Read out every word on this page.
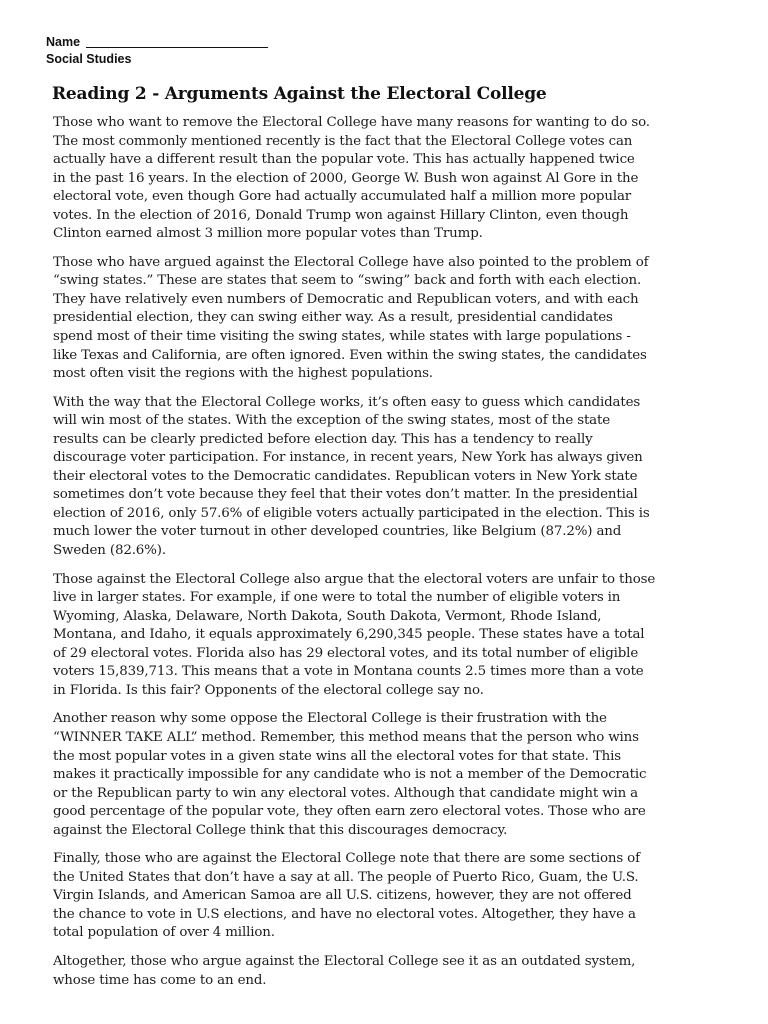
Name
Social Studies
Reading 2 - Arguments Against the Electoral College
Those who want to remove the Electoral College have many reasons for wanting to do so.
The most commonly mentioned recently is the fact that the Electoral College votes can
actually have a different result than the popular vote. This has actually happened twice
in the past 16 years. In the election of 2000, George W. Bush won against Al Gore in the
electoral vote, even though Gore had actually accumulated half a million more popular
votes. In the election of 2016, Donald Trump won against Hillary Clinton, even though
Clinton earned almost 3 million more popular votes than Trump.
Those who have argued against the Electoral College have also pointed to the problem of
“swing states.” These are states that seem to “swing” back and forth with each election.
They have relatively even numbers of Democratic and Republican voters, and with each
presidential election, they can swing either way. As a result, presidential candidates
spend most of their time visiting the swing states, while states with large populations -
like Texas and California, are often ignored. Even within the swing states, the candidates
most often visit the regions with the highest populations.
With the way that the Electoral College works, it’s often easy to guess which candidates
will win most of the states. With the exception of the swing states, most of the state
results can be clearly predicted before election day. This has a tendency to really
discourage voter participation. For instance, in recent years, New York has always given
their electoral votes to the Democratic candidates. Republican voters in New York state
sometimes don’t vote because they feel that their votes don’t matter. In the presidential
election of 2016, only 57.6% of eligible voters actually participated in the election. This is
much lower the voter turnout in other developed countries, like Belgium (87.2%) and
Sweden (82.6%).
Those against the Electoral College also argue that the electoral voters are unfair to those
live in larger states. For example, if one were to total the number of eligible voters in
Wyoming, Alaska, Delaware, North Dakota, South Dakota, Vermont, Rhode Island,
Montana, and Idaho, it equals approximately 6,290,345 people. These states have a total
of 29 electoral votes. Florida also has 29 electoral votes, and its total number of eligible
voters 15,839,713. This means that a vote in Montana counts 2.5 times more than a vote
in Florida. Is this fair? Opponents of the electoral college say no.
Another reason why some oppose the Electoral College is their frustration with the
“WINNER TAKE ALL” method. Remember, this method means that the person who wins
the most popular votes in a given state wins all the electoral votes for that state. This
makes it practically impossible for any candidate who is not a member of the Democratic
or the Republican party to win any electoral votes. Although that candidate might win a
good percentage of the popular vote, they often earn zero electoral votes. Those who are
against the Electoral College think that this discourages democracy.
Finally, those who are against the Electoral College note that there are some sections of
the United States that don’t have a say at all. The people of Puerto Rico, Guam, the U.S.
Virgin Islands, and American Samoa are all U.S. citizens, however, they are not offered
the chance to vote in U.S elections, and have no electoral votes. Altogether, they have a
total population of over 4 million.
Altogether, those who argue against the Electoral College see it as an outdated system,
whose time has come to an end.
